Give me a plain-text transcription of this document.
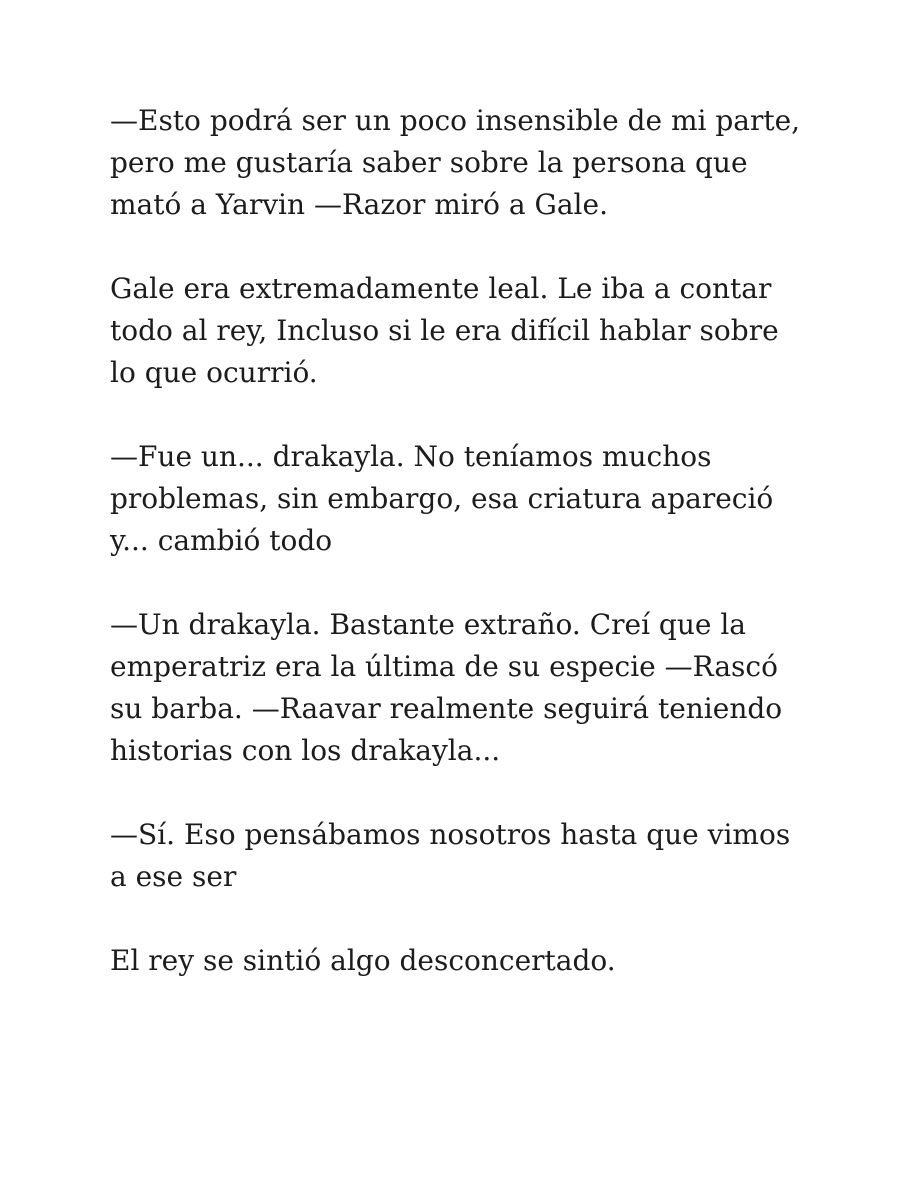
—Esto podrá ser un poco insensible de mi parte,
pero me gustaría saber sobre la persona que
mató a Yarvin —Razor miró a Gale.

Gale era extremadamente leal. Le iba a contar
todo al rey, Incluso si le era difícil hablar sobre
lo que ocurrió.

—Fue un... drakayla. No teníamos muchos
problemas, sin embargo, esa criatura apareció
y... cambió todo

—Un drakayla. Bastante extraño. Creí que la
emperatriz era la última de su especie —Rascó
su barba. —Raavar realmente seguirá teniendo
historias con los drakayla...

—Sí. Eso pensábamos nosotros hasta que vimos
a ese ser

El rey se sintió algo desconcertado.
